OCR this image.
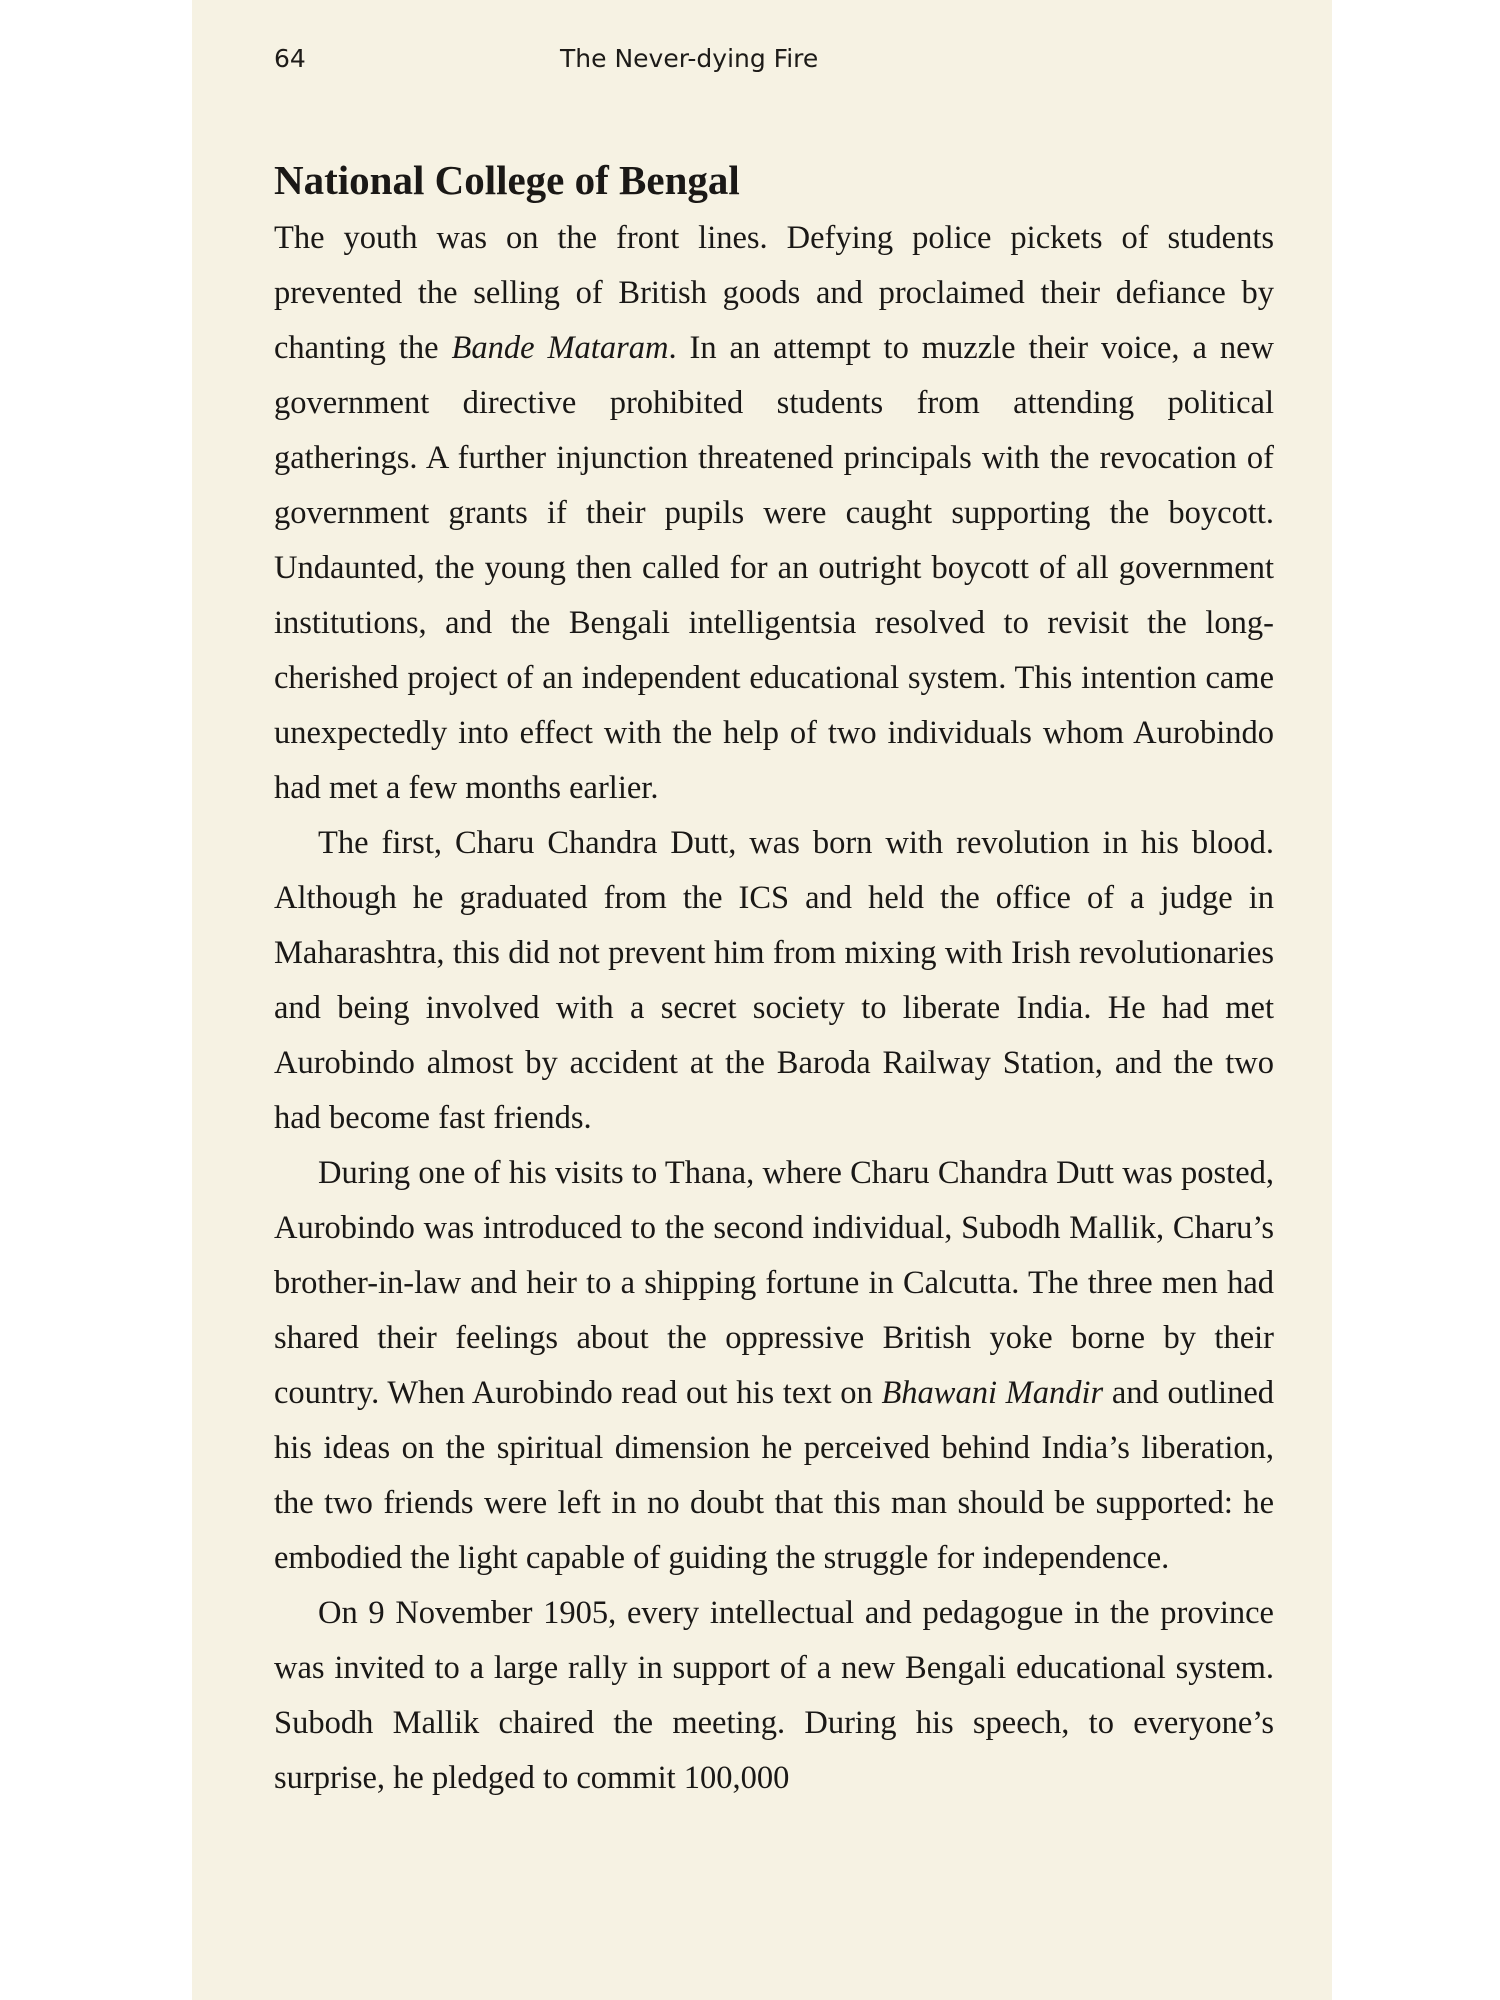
64	The Never-dying Fire
National College of Bengal

The youth was on the front lines. Defying police pickets of students prevented the selling of British goods and proclaimed their defiance by chanting the Bande Mataram. In an attempt to muzzle their voice, a new government directive prohibited students from attending political gatherings. A further injunction threatened principals with the revocation of government grants if their pupils were caught supporting the boycott. Undaunted, the young then called for an outright boycott of all government institutions, and the Bengali intelligentsia resolved to revisit the long-cherished project of an independent educational system. This intention came unexpectedly into effect with the help of two individuals whom Aurobindo had met a few months earlier.

The first, Charu Chandra Dutt, was born with revolution in his blood. Although he graduated from the ICS and held the office of a judge in Maharashtra, this did not prevent him from mixing with Irish revolutionaries and being involved with a secret society to liberate India. He had met Aurobindo almost by accident at the Baroda Railway Station, and the two had become fast friends.

During one of his visits to Thana, where Charu Chandra Dutt was posted, Aurobindo was introduced to the second individual, Subodh Mallik, Charu’s brother-in-law and heir to a shipping fortune in Calcutta. The three men had shared their feelings about the oppressive British yoke borne by their country. When Aurobindo read out his text on Bhawani Mandir and outlined his ideas on the spiritual dimension he perceived behind India’s liberation, the two friends were left in no doubt that this man should be supported: he embodied the light capable of guiding the struggle for independence.

On 9 November 1905, every intellectual and pedagogue in the province was invited to a large rally in support of a new Bengali educational system. Subodh Mallik chaired the meeting. During his speech, to everyone’s surprise, he pledged to commit 100,000
